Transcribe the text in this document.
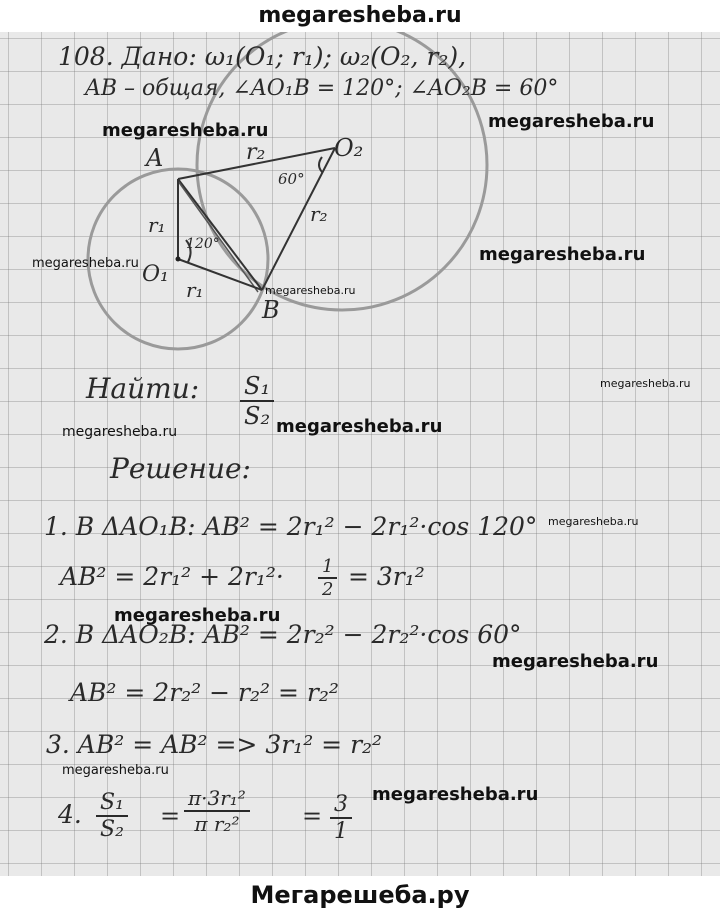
megaresheba.ru
108. Дано: ω₁(O₁; r₁); ω₂(O₂, r₂),
AB – общая, ∠AO₁B = 120°; ∠AO₂B = 60°
A	O₂
r₂
60°
r₂
r₁
120°
O₁
r₁
B
Найти: $\frac{\text{S₁}}{\text{S₂}}$
Решение:
1. В ΔAO₁B: AB² = 2r₁² − 2r₁²·cos 120°
$AB^2 = 2r_1^2 + 2r_1^2\cdot \frac{1}{2} = 3r_1^2$
2. В ΔAO₂B: AB² = 2r₂² − 2r₂²·cos 60°
AB² = 2r₂² − r₂² = r₂²
3. AB² = AB² => 3r₁² = r₂²
4. $\frac{\text{S₁}}{\text{S₂}} = \frac{\text{π·3r₁²}}{\text{π r₂²}} = \frac{3}{1}$
megaresheba.ru	megaresheba.ru
megaresheba.ru
megaresheba.ru
megaresheba.ru
megaresheba.ru
megaresheba.ru	megaresheba.ru
megaresheba.ru
megaresheba.ru
megaresheba.ru
megaresheba.ru
megaresheba.ru
Мегарешеба.ру
